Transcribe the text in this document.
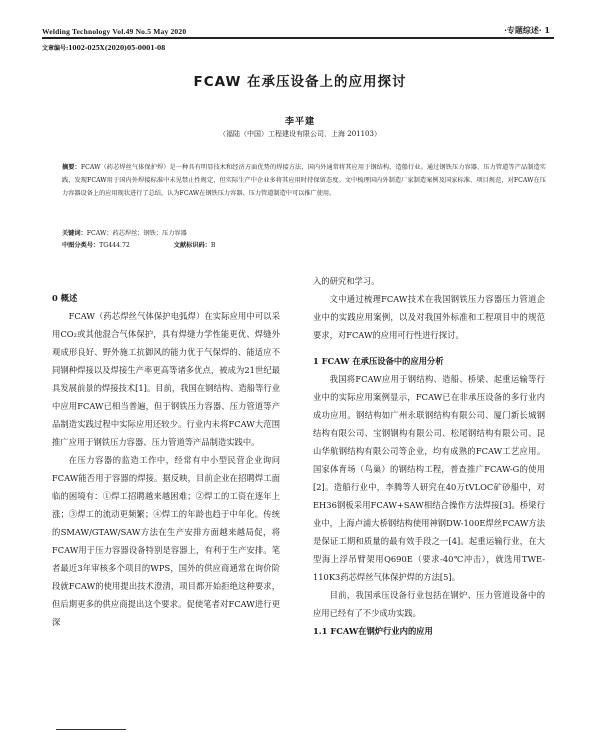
Welding Technology Vol.49 No.5 May 2020	·专题综述· 1
文章编号:1002-025X(2020)05-0001-08
FCAW 在承压设备上的应用探讨
李平建
（福陆（中国）工程建设有限公司，上海 201103）
摘要：FCAW（药芯焊丝气体保护焊）是一种具有明显技术和经济方面优势的焊接方法，国内外通常将其应用于钢结构、造船行业。通过钢铁压力容器、压力管道等产品制造实践，发现FCAW用于国内外焊接标准中未见禁止性规定，但实际生产中企业多将其应用时持保留态度。文中梳理国内外制造厂家制造案例及国家标准、项目规范，对FCAW在压力容器设备上的应用现状进行了总结，认为FCAW在钢铁压力容器、压力管道制造中可以推广使用。
关键词：FCAW；药芯焊丝；钢铁；压力容器
中图分类号：TG444.72	文献标识码：B
0 概述

FCAW（药芯焊丝气体保护电弧焊）在实际应用中可以采用CO₂或其他混合气体保护，具有焊缝力学性能更优、焊缝外观成形良好、野外施工抗御风的能力优于气保焊的、能适应不同钢种焊接以及焊接生产率更高等诸多优点，被成为21世纪最具发展前景的焊接技术[1]。目前，我国在钢结构、造船等行业中应用FCAW已相当普遍，但于钢铁压力容器、压力管道等产品制造实践过程中实际应用还较少。行业内未将FCAW大范围推广应用于钢铁压力容器、压力管道等产品制造实践中。

在压力容器的监造工作中，经常有中小型民营企业询问FCAW能否用于容器的焊接。据反映，目前企业在招聘焊工面临的困境有：①焊工招聘越来越困难；②焊工的工资在逐年上涨；③焊工的流动更频繁；④焊工的年龄也趋于中年化。传统的SMAW/GTAW/SAW方法在生产安排方面越来越局促，将FCAW用于压力容器设备特别是容器上，有利于生产安排。笔者最近3年审核多个项目的WPS，国外的供应商通常在询价阶段就FCAW的使用提出技术澄清，项目都开始拒绝这种要求，但后期更多的供应商提出这个要求。促使笔者对FCAW进行更深

入的研究和学习。

文中通过梳理FCAW技术在我国钢铁压力容器压力管道企业中的实践应用案例，以及对我国外标准和工程项目中的规范要求，对FCAW的应用可行性进行探讨。

1 FCAW 在承压设备中的应用分析

我国将FCAW应用于钢结构、造船、桥梁、起重运输等行业中的实际应用案例显示，FCAW已在非承压设备的多行业内成功应用。钢结构如广州永联钢结构有限公司、厦门新长城钢结构有限公司、宝钢钢构有限公司、松尾钢结构有限公司、昆山华航钢结构有限公司等企业，均有成熟的FCAW工艺应用。国家体育场（鸟巢）的钢结构工程，普查推广FCAW-G的使用[2]。造船行业中，李腾等人研究在40万tVLOC矿砂船中，对EH36钢板采用FCAW+SAW相结合操作方法焊接[3]。桥梁行业中，上海卢浦大桥钢结构使用神钢DW-100E焊丝FCAW方法是保证工期和质量的最有效手段之一[4]。起重运输行业，在大型海上浮吊臂架用Q690E（要求-40℃冲击），就选用TWE-110K3药芯焊丝气体保护焊的方法[5]。

目前，我国承压设备行业包括在钢炉、压力管道设备中的应用已经有了不少成功实践。

1.1 FCAW在钢炉行业内的应用
